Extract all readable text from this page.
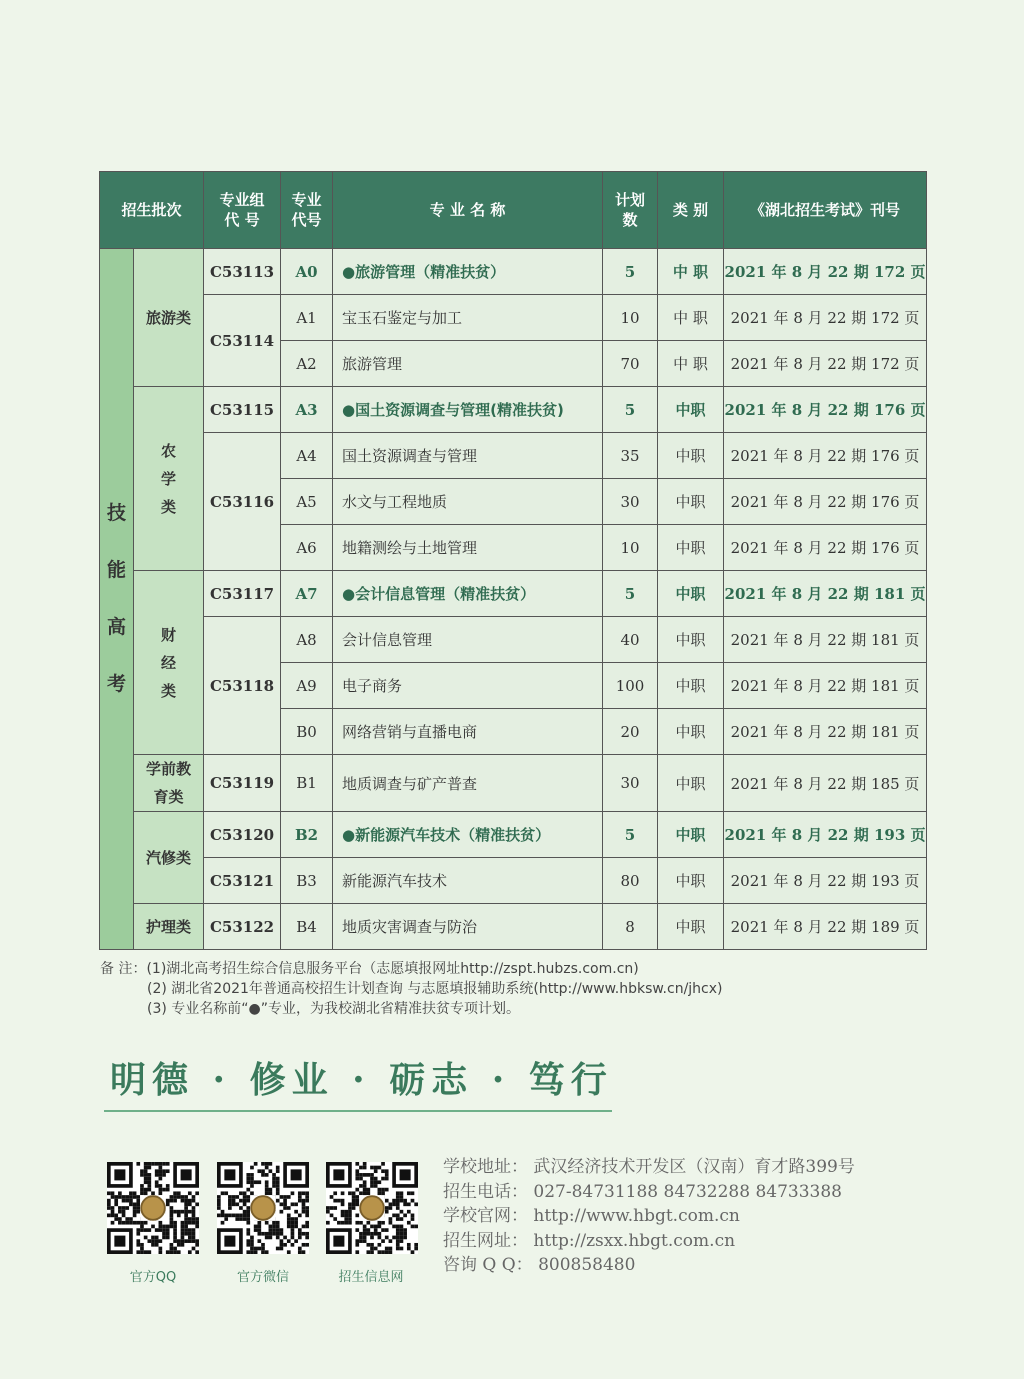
招生批次		专业组代 号	专业代号	专 业 名 称	计划数	类 别	《湖北招生考试》刊号

技能高考	旅游类	C53113	A0	●旅游管理（精准扶贫）	5	中 职	2021 年 8 月 22 期 172 页
		C53114	A1	宝玉石鉴定与加工	10	中 职	2021 年 8 月 22 期 172 页
			A2	旅游管理	70	中 职	2021 年 8 月 22 期 172 页

	农学类	C53115	A3	●国土资源调查与管理(精准扶贫)	5	中职	2021 年 8 月 22 期 176 页
		C53116	A4	国土资源调查与管理	35	中职	2021 年 8 月 22 期 176 页
			A5	水文与工程地质	30	中职	2021 年 8 月 22 期 176 页
			A6	地籍测绘与土地管理	10	中职	2021 年 8 月 22 期 176 页

	财经类	C53117	A7	●会计信息管理（精准扶贫）	5	中职	2021 年 8 月 22 期 181 页
		C53118	A8	会计信息管理	40	中职	2021 年 8 月 22 期 181 页
			A9	电子商务	100	中职	2021 年 8 月 22 期 181 页
			B0	网络营销与直播电商	20	中职	2021 年 8 月 22 期 181 页

	学前教育类	C53119	B1	地质调查与矿产普查	30	中职	2021 年 8 月 22 期 185 页
	汽修类	C53120	B2	●新能源汽车技术（精准扶贫）	5	中职	2021 年 8 月 22 期 193 页
		C53121	B3	新能源汽车技术	80	中职	2021 年 8 月 22 期 193 页
	护理类	C53122	B4	地质灾害调查与防治	8	中职	2021 年 8 月 22 期 189 页
备 注：(1)湖北高考招生综合信息服务平台（志愿填报网址http://zspt.hubzs.com.cn)
(2) 湖北省2021年普通高校招生计划查询 与志愿填报辅助系统(http://www.hbksw.cn/jhcx)
(3) 专业名称前“●”专业，为我校湖北省精准扶贫专项计划。
明德 · 修业 · 砺志 · 笃行
官方QQ	官方微信	招生信息网
学校地址： 武汉经济技术开发区（汉南）育才路399号
招生电话： 027-84731188 84732288 84733388
学校官网： http://www.hbgt.com.cn
招生网址： http://zsxx.hbgt.com.cn
咨询 Q Q： 800858480
